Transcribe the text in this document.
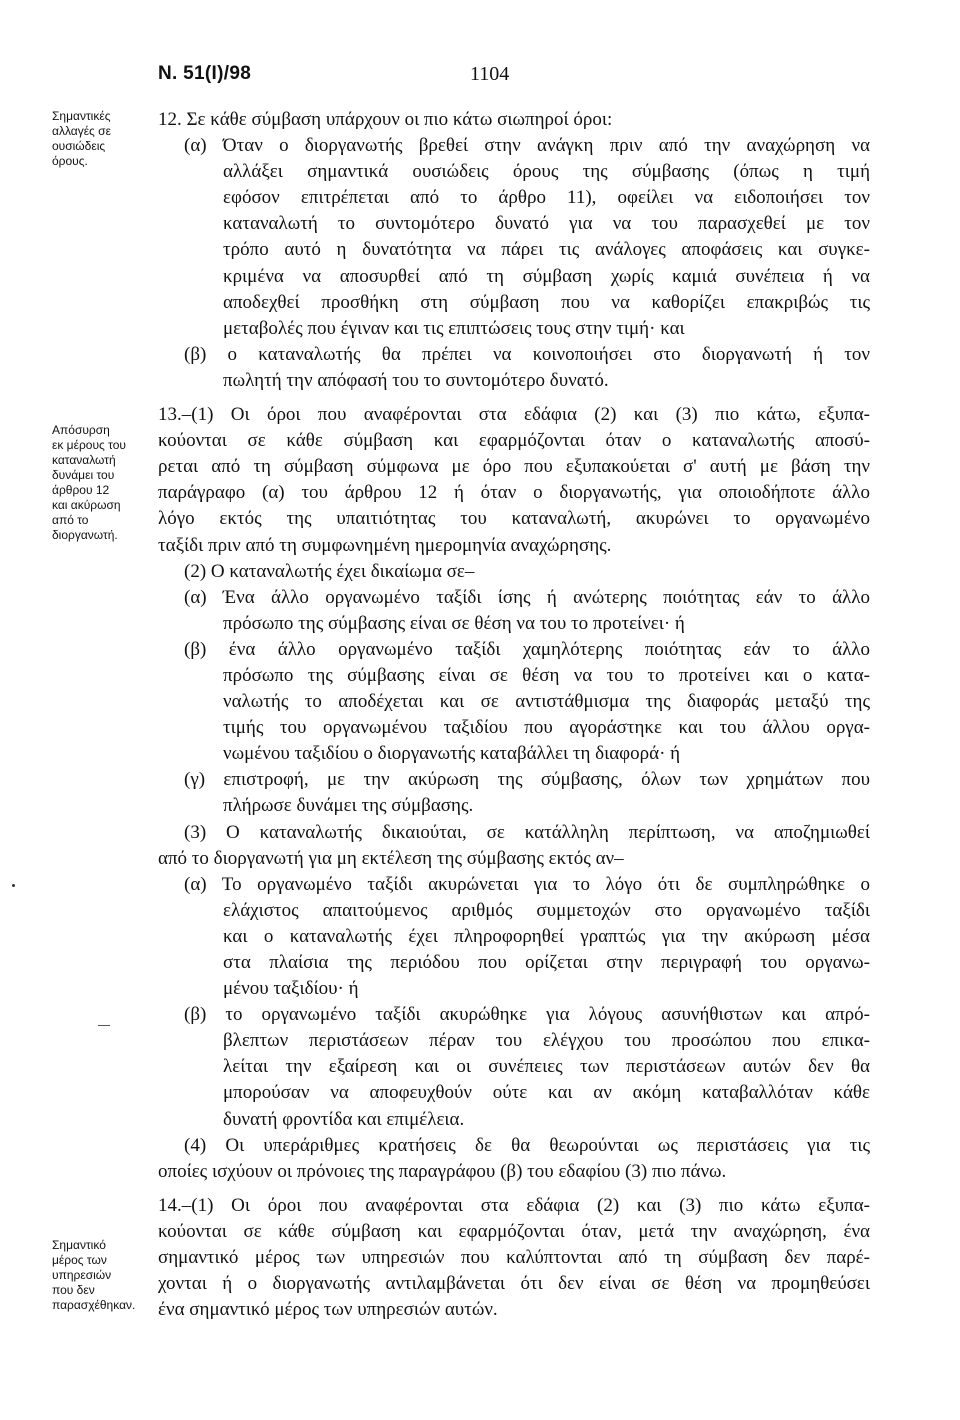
Ν. 51(I)/98	1104
Σημαντικές
αλλαγές σε
ουσιώδεις
όρους.
Απόσυρση
εκ μέρους του
καταναλωτή
δυνάμει του
άρθρου 12
και ακύρωση
από το
διοργανωτή.
Σημαντικό
μέρος των
υπηρεσιών
που δεν
παρασχέθηκαν.
12. Σε κάθε σύμβαση υπάρχουν οι πιο κάτω σιωπηροί όροι:
(α) Όταν ο διοργανωτής βρεθεί στην ανάγκη πριν από την αναχώρηση να
αλλάξει σημαντικά ουσιώδεις όρους της σύμβασης (όπως η τιμή
εφόσον επιτρέπεται από το άρθρο 11), οφείλει να ειδοποιήσει τον
καταναλωτή το συντομότερο δυνατό για να του παρασχεθεί με τον
τρόπο αυτό η δυνατότητα να πάρει τις ανάλογες αποφάσεις και συγκε-
κριμένα να αποσυρθεί από τη σύμβαση χωρίς καμιά συνέπεια ή να
αποδεχθεί προσθήκη στη σύμβαση που να καθορίζει επακριβώς τις
μεταβολές που έγιναν και τις επιπτώσεις τους στην τιμή· και
(β) ο καταναλωτής θα πρέπει να κοινοποιήσει στο διοργανωτή ή τον
πωλητή την απόφασή του το συντομότερο δυνατό.
13.–(1) Οι όροι που αναφέρονται στα εδάφια (2) και (3) πιο κάτω, εξυπα-
κούονται σε κάθε σύμβαση και εφαρμόζονται όταν ο καταναλωτής αποσύ-
ρεται από τη σύμβαση σύμφωνα με όρο που εξυπακούεται σ' αυτή με βάση την
παράγραφο (α) του άρθρου 12 ή όταν ο διοργανωτής, για οποιοδήποτε άλλο
λόγο εκτός της υπαιτιότητας του καταναλωτή, ακυρώνει το οργανωμένο
ταξίδι πριν από τη συμφωνημένη ημερομηνία αναχώρησης.
(2) Ο καταναλωτής έχει δικαίωμα σε–
(α) Ένα άλλο οργανωμένο ταξίδι ίσης ή ανώτερης ποιότητας εάν το άλλο
πρόσωπο της σύμβασης είναι σε θέση να του το προτείνει· ή
(β) ένα άλλο οργανωμένο ταξίδι χαμηλότερης ποιότητας εάν το άλλο
πρόσωπο της σύμβασης είναι σε θέση να του το προτείνει και ο κατα-
ναλωτής το αποδέχεται και σε αντιστάθμισμα της διαφοράς μεταξύ της
τιμής του οργανωμένου ταξιδίου που αγοράστηκε και του άλλου οργα-
νωμένου ταξιδίου ο διοργανωτής καταβάλλει τη διαφορά· ή
(γ) επιστροφή, με την ακύρωση της σύμβασης, όλων των χρημάτων που
πλήρωσε δυνάμει της σύμβασης.
(3) Ο καταναλωτής δικαιούται, σε κατάλληλη περίπτωση, να αποζημιωθεί
από το διοργανωτή για μη εκτέλεση της σύμβασης εκτός αν–
(α) Το οργανωμένο ταξίδι ακυρώνεται για το λόγο ότι δε συμπληρώθηκε ο
ελάχιστος απαιτούμενος αριθμός συμμετοχών στο οργανωμένο ταξίδι
και ο καταναλωτής έχει πληροφορηθεί γραπτώς για την ακύρωση μέσα
στα πλαίσια της περιόδου που ορίζεται στην περιγραφή του οργανω-
μένου ταξιδίου· ή
(β) το οργανωμένο ταξίδι ακυρώθηκε για λόγους ασυνήθιστων και απρό-
βλεπτων περιστάσεων πέραν του ελέγχου του προσώπου που επικα-
λείται την εξαίρεση και οι συνέπειες των περιστάσεων αυτών δεν θα
μπορούσαν να αποφευχθούν ούτε και αν ακόμη καταβαλλόταν κάθε
δυνατή φροντίδα και επιμέλεια.
(4) Οι υπεράριθμες κρατήσεις δε θα θεωρούνται ως περιστάσεις για τις
οποίες ισχύουν οι πρόνοιες της παραγράφου (β) του εδαφίου (3) πιο πάνω.
14.–(1) Οι όροι που αναφέρονται στα εδάφια (2) και (3) πιο κάτω εξυπα-
κούονται σε κάθε σύμβαση και εφαρμόζονται όταν, μετά την αναχώρηση, ένα
σημαντικό μέρος των υπηρεσιών που καλύπτονται από τη σύμβαση δεν παρέ-
χονται ή ο διοργανωτής αντιλαμβάνεται ότι δεν είναι σε θέση να προμηθεύσει
ένα σημαντικό μέρος των υπηρεσιών αυτών.
